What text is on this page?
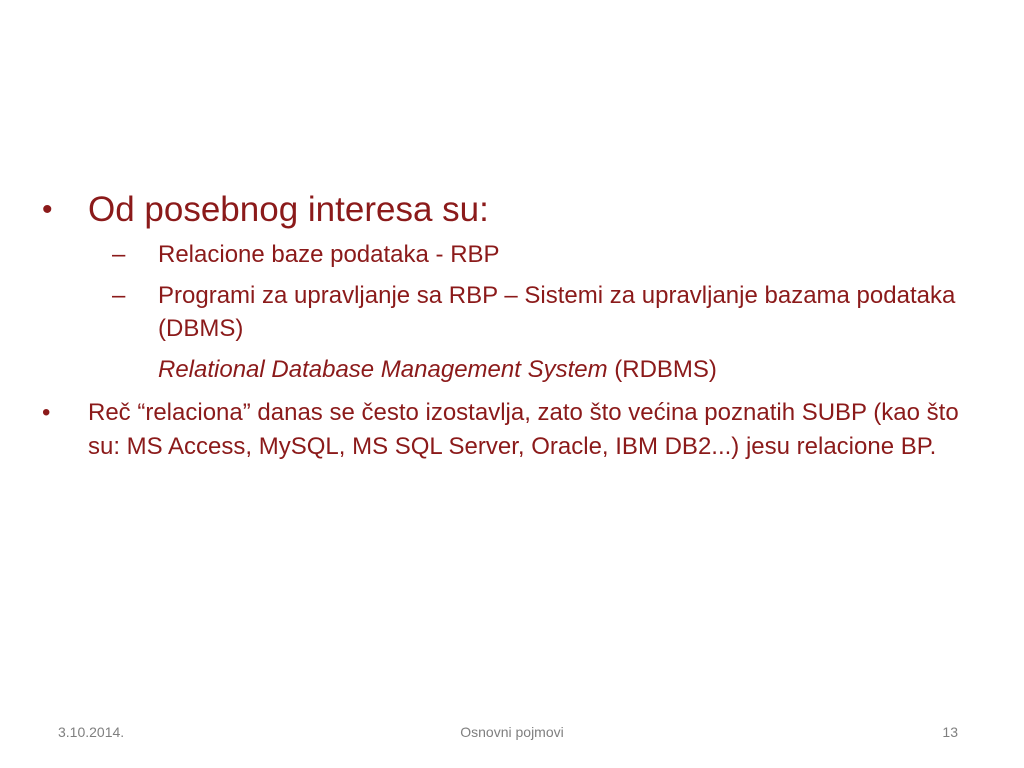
• Od posebnog interesa su:
– Relacione baze podataka - RBP
– Programi za upravljanje sa RBP – Sistemi za upravljanje bazama podataka (DBMS)
Relational Database Management System (RDBMS)
• Reč “relaciona” danas se često izostavlja, zato što većina poznatih SUBP (kao što su: MS Access, MySQL, MS SQL Server, Oracle, IBM DB2...) jesu relacione BP.
3.10.2014.	Osnovni pojmovi	13
